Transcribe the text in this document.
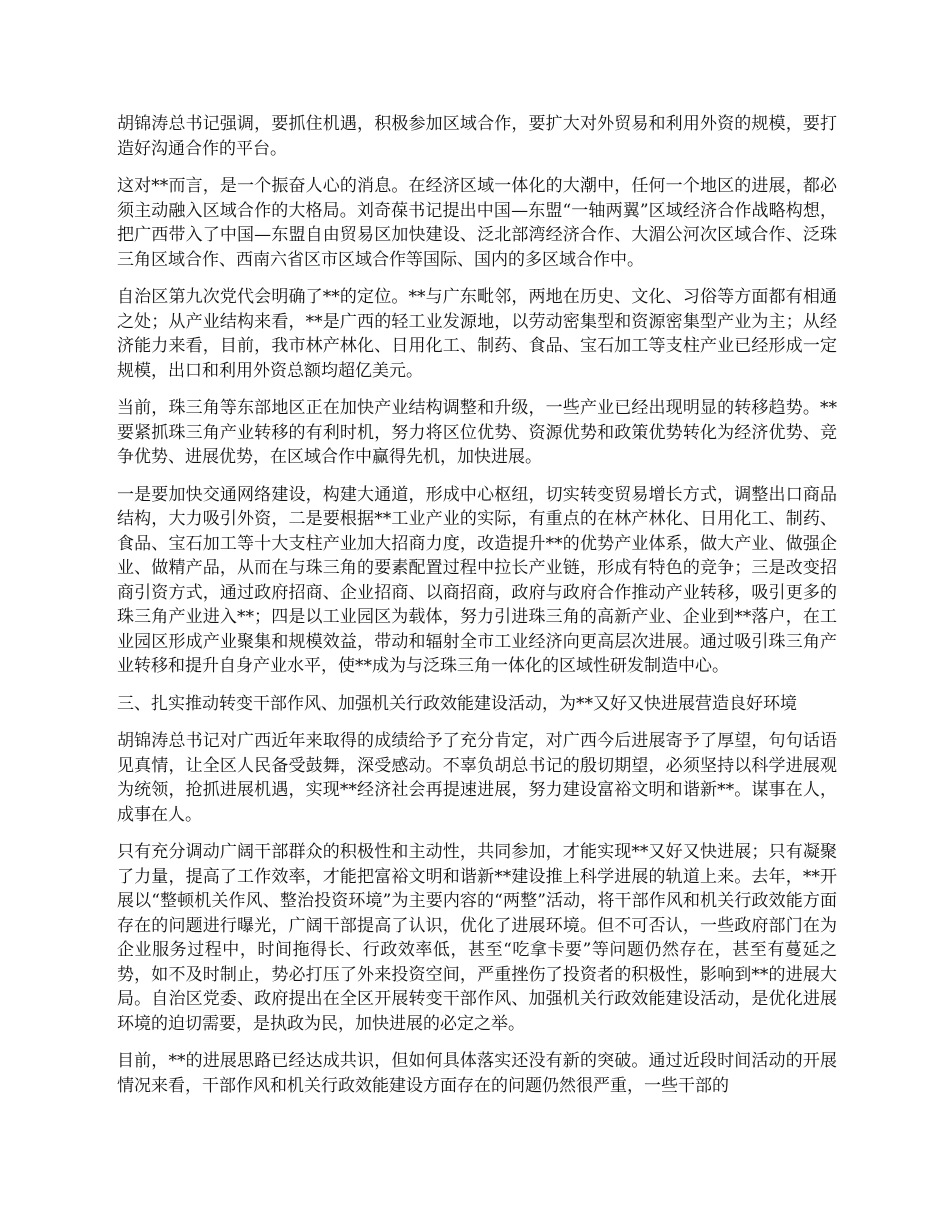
胡锦涛总书记强调，要抓住机遇，积极参加区域合作，要扩大对外贸易和利用外资的规模，要打造好沟通合作的平台。

这对**而言，是一个振奋人心的消息。在经济区域一体化的大潮中，任何一个地区的进展，都必须主动融入区域合作的大格局。刘奇葆书记提出中国—东盟“一轴两翼”区域经济合作战略构想，把广西带入了中国—东盟自由贸易区加快建设、泛北部湾经济合作、大湄公河次区域合作、泛珠三角区域合作、西南六省区市区域合作等国际、国内的多区域合作中。

自治区第九次党代会明确了**的定位。**与广东毗邻，两地在历史、文化、习俗等方面都有相通之处；从产业结构来看，**是广西的轻工业发源地，以劳动密集型和资源密集型产业为主；从经济能力来看，目前，我市林产林化、日用化工、制药、食品、宝石加工等支柱产业已经形成一定规模，出口和利用外资总额均超亿美元。

当前，珠三角等东部地区正在加快产业结构调整和升级，一些产业已经出现明显的转移趋势。**要紧抓珠三角产业转移的有利时机，努力将区位优势、资源优势和政策优势转化为经济优势、竞争优势、进展优势，在区域合作中赢得先机，加快进展。

一是要加快交通网络建设，构建大通道，形成中心枢纽，切实转变贸易增长方式，调整出口商品结构，大力吸引外资，二是要根据**工业产业的实际，有重点的在林产林化、日用化工、制药、食品、宝石加工等十大支柱产业加大招商力度，改造提升**的优势产业体系，做大产业、做强企业、做精产品，从而在与珠三角的要素配置过程中拉长产业链，形成有特色的竞争；三是改变招商引资方式，通过政府招商、企业招商、以商招商，政府与政府合作推动产业转移，吸引更多的珠三角产业进入**；四是以工业园区为载体，努力引进珠三角的高新产业、企业到**落户，在工业园区形成产业聚集和规模效益，带动和辐射全市工业经济向更高层次进展。通过吸引珠三角产业转移和提升自身产业水平，使**成为与泛珠三角一体化的区域性研发制造中心。

三、扎实推动转变干部作风、加强机关行政效能建设活动，为**又好又快进展营造良好环境

胡锦涛总书记对广西近年来取得的成绩给予了充分肯定，对广西今后进展寄予了厚望，句句话语见真情，让全区人民备受鼓舞，深受感动。不辜负胡总书记的殷切期望，必须坚持以科学进展观为统领，抢抓进展机遇，实现**经济社会再提速进展，努力建设富裕文明和谐新**。谋事在人，成事在人。

只有充分调动广阔干部群众的积极性和主动性，共同参加，才能实现**又好又快进展；只有凝聚了力量，提高了工作效率，才能把富裕文明和谐新**建设推上科学进展的轨道上来。去年，**开展以“整顿机关作风、整治投资环境”为主要内容的“两整”活动，将干部作风和机关行政效能方面存在的问题进行曝光，广阔干部提高了认识，优化了进展环境。但不可否认，一些政府部门在为企业服务过程中，时间拖得长、行政效率低，甚至“吃拿卡要”等问题仍然存在，甚至有蔓延之势，如不及时制止，势必打压了外来投资空间，严重挫伤了投资者的积极性，影响到**的进展大局。自治区党委、政府提出在全区开展转变干部作风、加强机关行政效能建设活动，是优化进展环境的迫切需要，是执政为民，加快进展的必定之举。

目前，**的进展思路已经达成共识，但如何具体落实还没有新的突破。通过近段时间活动的开展情况来看，干部作风和机关行政效能建设方面存在的问题仍然很严重，一些干部的
